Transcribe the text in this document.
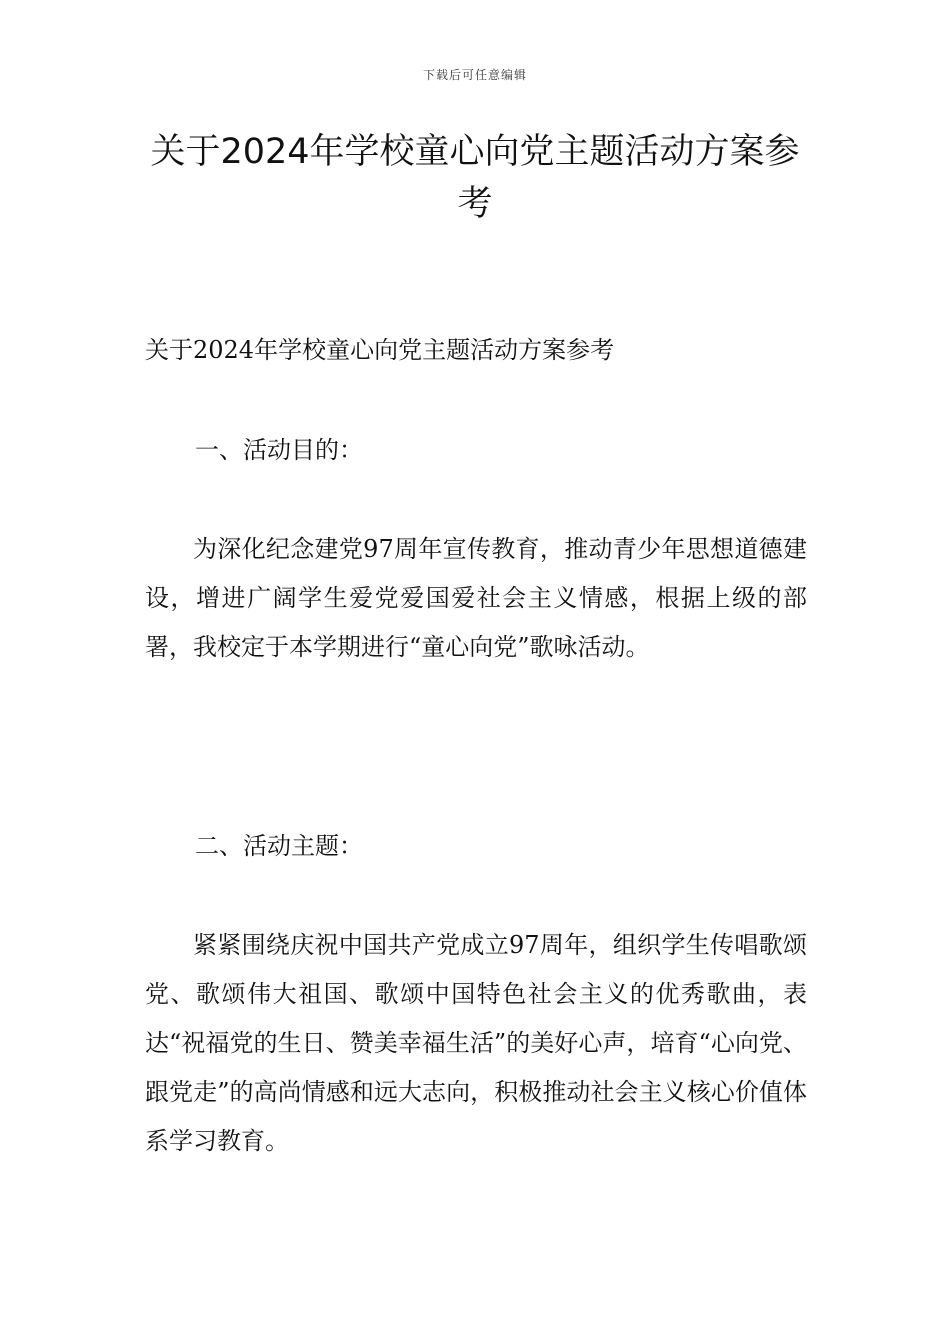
下载后可任意编辑
关于2024年学校童心向党主题活动方案参考

关于2024年学校童心向党主题活动方案参考

一、活动目的：

为深化纪念建党97周年宣传教育，推动青少年思想道德建设，增进广阔学生爱党爱国爱社会主义情感，根据上级的部署，我校定于本学期进行“童心向党”歌咏活动。

二、活动主题：

紧紧围绕庆祝中国共产党成立97周年，组织学生传唱歌颂党、歌颂伟大祖国、歌颂中国特色社会主义的优秀歌曲，表达“祝福党的生日、赞美幸福生活”的美好心声，培育“心向党、跟党走”的高尚情感和远大志向，积极推动社会主义核心价值体系学习教育。
